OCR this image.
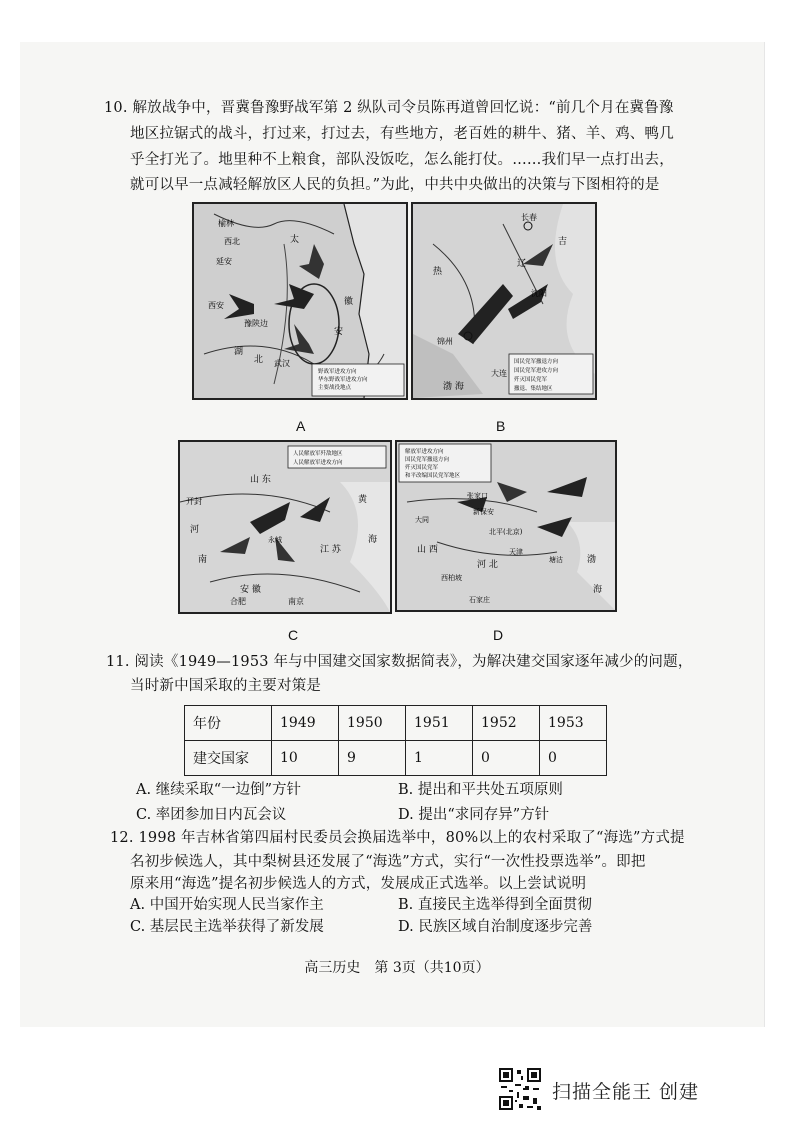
10. 解放战争中，晋冀鲁豫野战军第 2 纵队司令员陈再道曾回忆说：“前几个月在冀鲁豫
地区拉锯式的战斗，打过来，打过去，有些地方，老百姓的耕牛、猪、羊、鸡、鸭几
乎全打光了。地里种不上粮食，部队没饭吃，怎么能打仗。……我们早一点打出去，
就可以早一点减轻解放区人民的负担。”为此，中共中央做出的决策与下图相符的是
榆林
西北
延安
西安
豫陕边
湖
北 武汉
太
徽
安
野战军进攻方向
华东野战军进攻方向
主要战役地点
A
长春
锦州
沈阳
辽
热
吉
大连
渤 海
国民党军撤退方向
国民党军进攻方向
歼灭国民党军
撤退、集结地区
B
人民解放军歼敌地区
人民解放军进攻方向
开封
河
南
安 徽
合肥	南京
山 东
江 苏
黄
海
永城
C
解放军进攻方向
国民党军撤退方向
歼灭国民党军
和平改编国民党军地区
张家口
新保安
北平(北京)
天津
塘沽
石家庄
西柏坡
大同
山 西
河 北	渤
海
D
11. 阅读《1949—1953 年与中国建交国家数据简表》，为解决建交国家逐年减少的问题，
当时新中国采取的主要对策是
年份	1949	1950	1951	1952	1953
建交国家	10	9	1	0	0
A. 继续采取“一边倒”方针	B. 提出和平共处五项原则
C. 率团参加日内瓦会议	D. 提出“求同存异”方针
12. 1998 年吉林省第四届村民委员会换届选举中，80%以上的农村采取了“海选”方式提
名初步候选人，其中梨树县还发展了“海选”方式，实行“一次性投票选举”。即把
原来用“海选”提名初步候选人的方式，发展成正式选举。以上尝试说明
A. 中国开始实现人民当家作主	B. 直接民主选举得到全面贯彻
C. 基层民主选举获得了新发展	D. 民族区域自治制度逐步完善
高三历史　第 3页（共10页）
扫描全能王 创建
